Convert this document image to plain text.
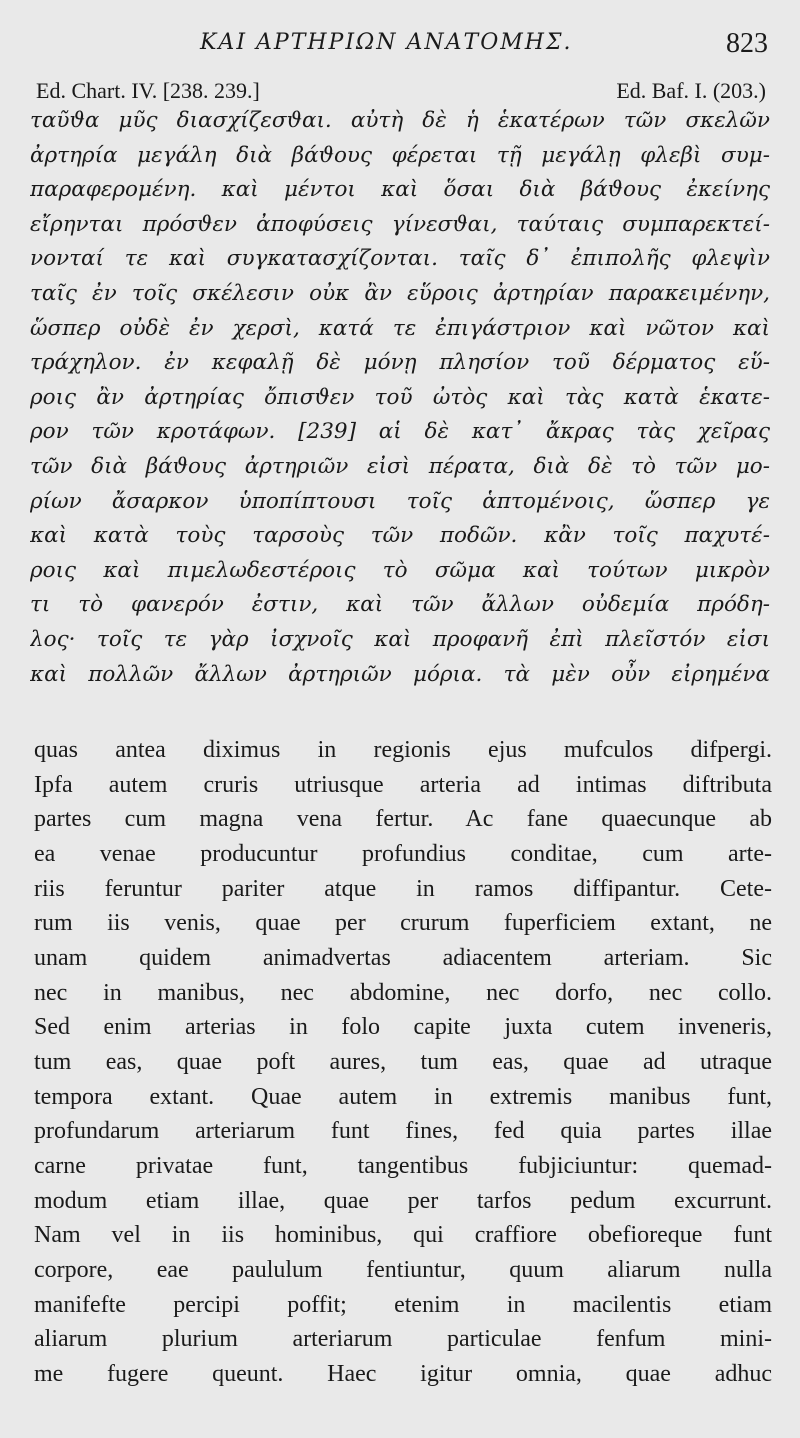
ΚΑΙ ΑΡΤΗΡΙΩΝ ΑΝΑΤΟΜΗΣ.	823
Ed. Chart. IV. [238. 239.]	Ed. Baf. I. (203.)
ταῦϑα μῦς διασχίζεσϑαι. αὐτὴ δὲ ἡ ἑκατέρων τῶν σκελῶν
ἀρτηρία μεγάλη διὰ βάϑους φέρεται τῇ μεγάλῃ φλεβὶ συμ-
παραφερομένη. καὶ μέντοι καὶ ὅσαι διὰ βάϑους ἐκείνης
εἴρηνται πρόσϑεν ἀποφύσεις γίνεσϑαι, ταύταις συμπαρεκτεί-
νονταί τε καὶ συγκατασχίζονται. ταῖς δ᾽ ἐπιπολῆς φλεψὶν
ταῖς ἐν τοῖς σκέλεσιν οὐκ ἂν εὕροις ἀρτηρίαν παρακειμένην,
ὥσπερ οὐδὲ ἐν χερσὶ, κατά τε ἐπιγάστριον καὶ νῶτον καὶ
τράχηλον. ἐν κεφαλῇ δὲ μόνῃ πλησίον τοῦ δέρματος εὕ-
ροις ἂν ἀρτηρίας ὄπισϑεν τοῦ ὠτὸς καὶ τὰς κατὰ ἑκατε-
ρον τῶν κροτάφων. [239] αἱ δὲ κατ᾽ ἄκρας τὰς χεῖρας
τῶν διὰ βάϑους ἀρτηριῶν εἰσὶ πέρατα, διὰ δὲ τὸ τῶν μο-
ρίων ἄσαρκον ὑποπίπτουσι τοῖς ἁπτομένοις, ὥσπερ γε
καὶ κατὰ τοὺς ταρσοὺς τῶν ποδῶν. κἂν τοῖς παχυτέ-
ροις καὶ πιμελωδεστέροις τὸ σῶμα καὶ τούτων μικρὸν
τι τὸ φανερόν ἐστιν, καὶ τῶν ἄλλων οὐδεμία πρόδη-
λος· τοῖς τε γὰρ ἰσχνοῖς καὶ προφανῆ ἐπὶ πλεῖστόν εἰσι
καὶ πολλῶν ἄλλων ἀρτηριῶν μόρια. τὰ μὲν οὖν εἰρημένα
quas antea diximus in regionis ejus mufculos difpergi.
Ipfa autem cruris utriusque arteria ad intimas diftributa
partes cum magna vena fertur. Ac fane quaecunque ab
ea venae producuntur profundius conditae, cum arte-
riis feruntur pariter atque in ramos diffipantur. Cete-
rum iis venis, quae per crurum fuperficiem extant, ne
unam quidem animadvertas adiacentem arteriam. Sic
nec in manibus, nec abdomine, nec dorfo, nec collo.
Sed enim arterias in folo capite juxta cutem inveneris,
tum eas, quae poft aures, tum eas, quae ad utraque
tempora extant. Quae autem in extremis manibus funt,
profundarum arteriarum funt fines, fed quia partes illae
carne privatae funt, tangentibus fubjiciuntur: quemad-
modum etiam illae, quae per tarfos pedum excurrunt.
Nam vel in iis hominibus, qui craffiore obefioreque funt
corpore, eae paululum fentiuntur, quum aliarum nulla
manifefte percipi poffit; etenim in macilentis etiam
aliarum plurium arteriarum particulae fenfum mini-
me fugere queunt. Haec igitur omnia, quae adhuc
